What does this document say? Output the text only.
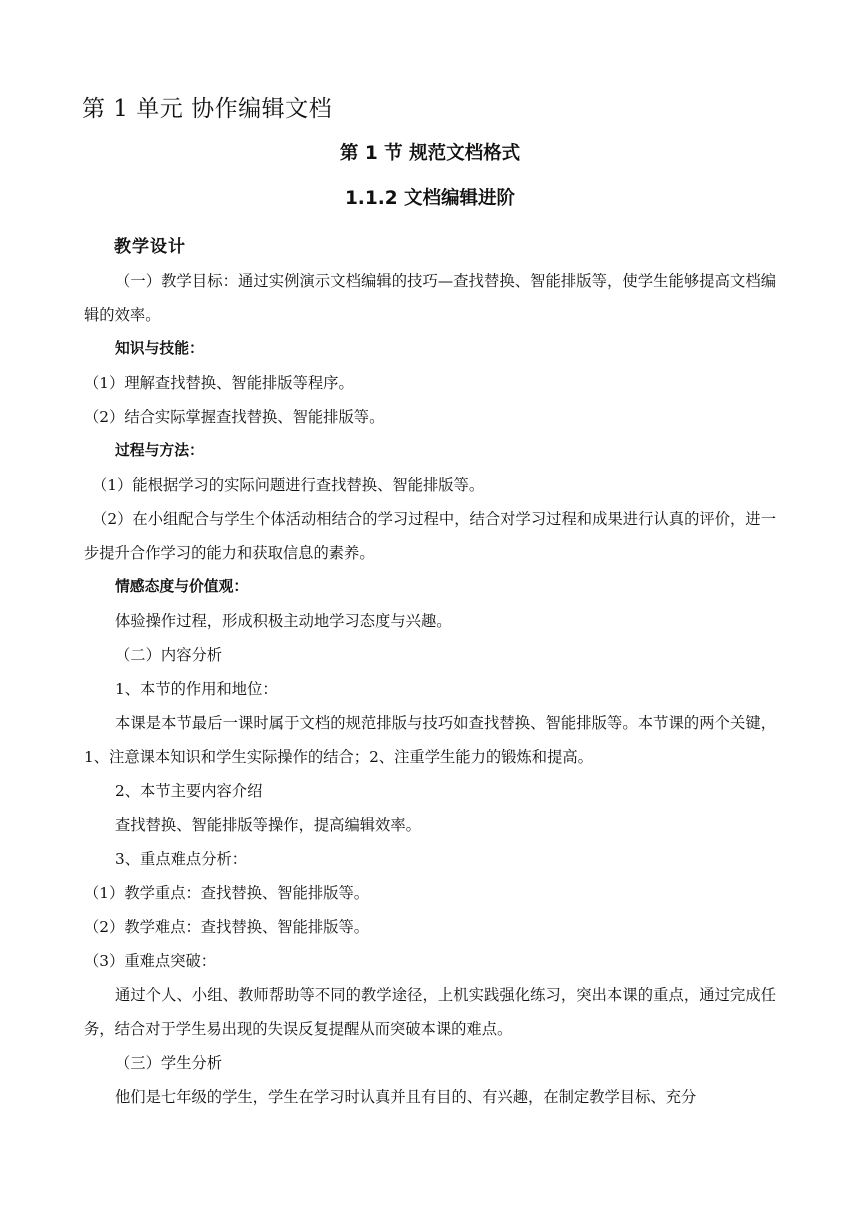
第 1 单元 协作编辑文档
第 1 节 规范文档格式
1.1.2 文档编辑进阶
教学设计

（一）教学目标：通过实例演示文档编辑的技巧—查找替换、智能排版等，使学生能够提高文档编辑的效率。

知识与技能：

（1）理解查找替换、智能排版等程序。

（2）结合实际掌握查找替换、智能排版等。

过程与方法：

（1）能根据学习的实际问题进行查找替换、智能排版等。

（2）在小组配合与学生个体活动相结合的学习过程中，结合对学习过程和成果进行认真的评价，进一步提升合作学习的能力和获取信息的素养。

情感态度与价值观：

体验操作过程，形成积极主动地学习态度与兴趣。

（二）内容分析

1、本节的作用和地位：

本课是本节最后一课时属于文档的规范排版与技巧如查找替换、智能排版等。本节课的两个关键，1、注意课本知识和学生实际操作的结合；2、注重学生能力的锻炼和提高。

2、本节主要内容介绍

查找替换、智能排版等操作，提高编辑效率。

3、重点难点分析：

（1）教学重点：查找替换、智能排版等。

（2）教学难点：查找替换、智能排版等。

（3）重难点突破：

通过个人、小组、教师帮助等不同的教学途径，上机实践强化练习，突出本课的重点，通过完成任务，结合对于学生易出现的失误反复提醒从而突破本课的难点。

（三）学生分析

他们是七年级的学生，学生在学习时认真并且有目的、有兴趣，在制定教学目标、充分
